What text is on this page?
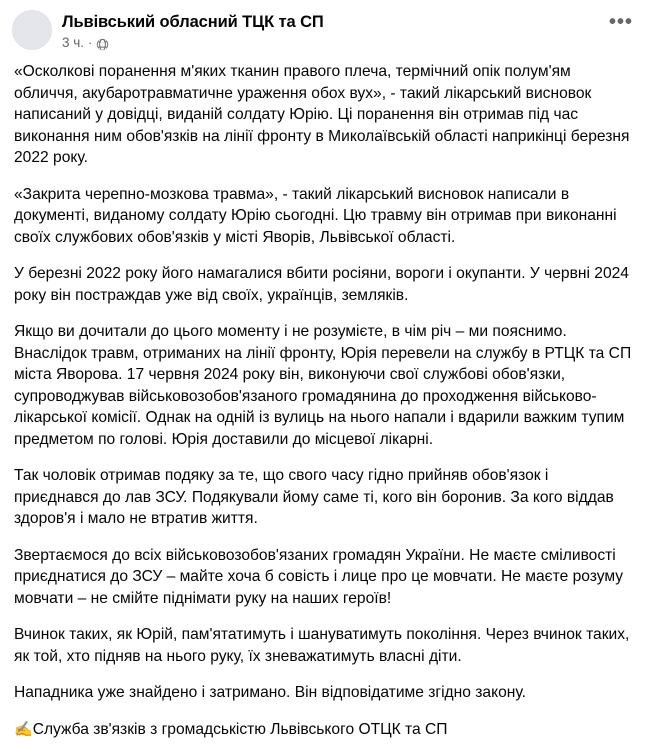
Львівський обласний ТЦК та СП
3 ч. ·
•••

«Осколкові поранення м'яких тканин правого плеча, термічний опік полум'ям обличчя, акубаротравматичне ураження обох вух», - такий лікарський висновок написаний у довідці, виданій солдату Юрію. Ці поранення він отримав під час виконання ним обов'язків на лінії фронту в Миколаївській області наприкінці березня 2022 року.

«Закрита черепно-мозкова травма», - такий лікарський висновок написали в документі, виданому солдату Юрію сьогодні. Цю травму він отримав при виконанні своїх службових обов'язків у місті Яворів, Львівської області.

У березні 2022 року його намагалися вбити росіяни, вороги і окупанти. У червні 2024 року він постраждав уже від своїх, українців, земляків.

Якщо ви дочитали до цього моменту і не розумієте, в чім річ – ми пояснимо. Внаслідок травм, отриманих на лінії фронту, Юрія перевели на службу в РТЦК та СП міста Яворова. 17 червня 2024 року він, виконуючи свої службові обов'язки, супроводжував військовозобов'язаного громадянина до проходження військово-лікарської комісії. Однак на одній із вулиць на нього напали і вдарили важким тупим предметом по голові. Юрія доставили до місцевої лікарні.

Так чоловік отримав подяку за те, що свого часу гідно прийняв обов'язок і приєднався до лав ЗСУ. Подякували йому саме ті, кого він боронив. За кого віддав здоров'я і мало не втратив життя.

Звертаємося до всіх військовозобов'язаних громадян України. Не маєте сміливості приєднатися до ЗСУ – майте хоча б совість і лице про це мовчати. Не маєте розуму мовчати – не смійте піднімати руку на наших героїв!

Вчинок таких, як Юрій, пам'ятатимуть і шануватимуть покоління. Через вчинок таких, як той, хто підняв на нього руку, їх зневажатимуть власні діти.

Нападника уже знайдено і затримано. Він відповідатиме згідно закону.

✍️Служба зв'язків з громадськістю Львівського ОТЦК та СП
